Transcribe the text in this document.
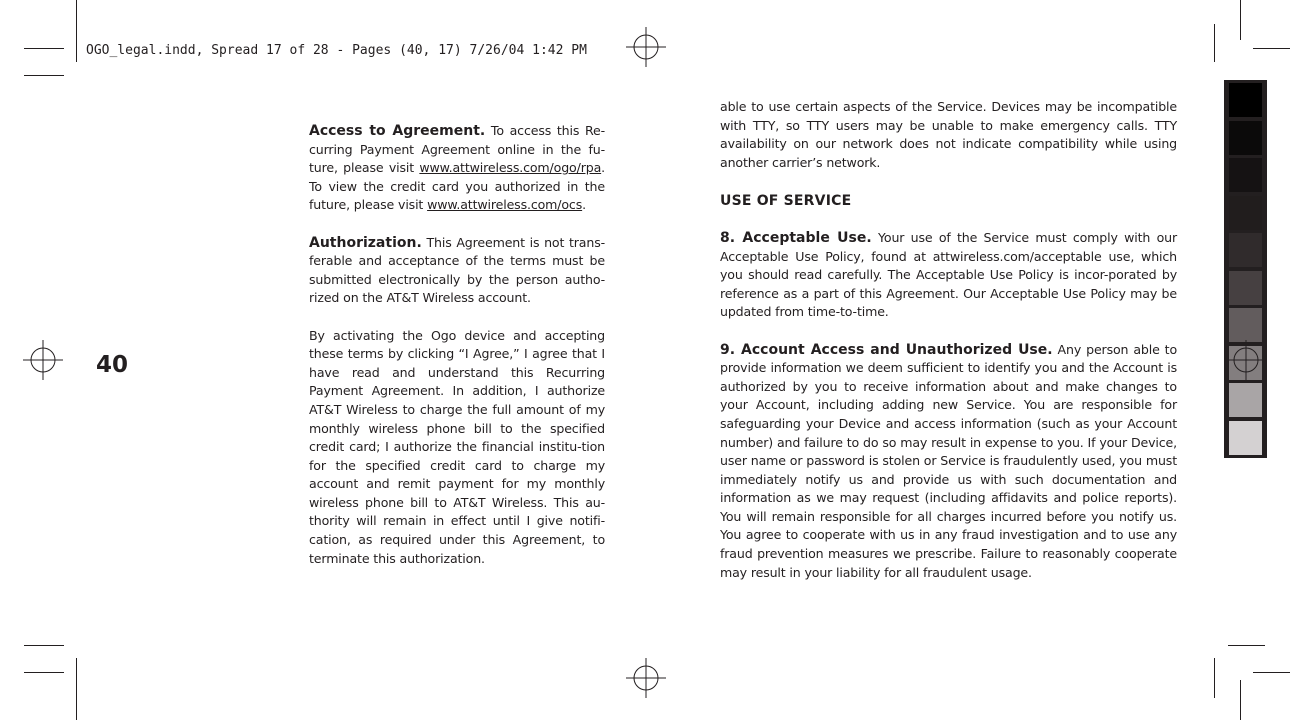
OGO_legal.indd, Spread 17 of 28 - Pages (40, 17) 7/26/04 1:42 PM
40

Access to Agreement. To access this Re-curring Payment Agreement online in the fu-ture, please visit www.attwireless.com/ogo/rpa. To view the credit card you authorized in the future, please visit www.attwireless.com/ocs.

Authorization. This Agreement is not trans-ferable and acceptance of the terms must be submitted electronically by the person autho-rized on the AT&T Wireless account.

By activating the Ogo device and accepting these terms by clicking “I Agree,” I agree that I have read and understand this Recurring Payment Agreement. In addition, I authorize AT&T Wireless to charge the full amount of my monthly wireless phone bill to the specified credit card; I authorize the financial institu-tion for the specified credit card to charge my account and remit payment for my monthly wireless phone bill to AT&T Wireless. This au-thority will remain in effect until I give notifi-cation, as required under this Agreement, to terminate this authorization.

able to use certain aspects of the Service. Devices may be incompatible with TTY, so TTY users may be unable to make emergency calls. TTY availability on our network does not indicate compatibility while using another carrier’s network.

USE OF SERVICE

8. Acceptable Use. Your use of the Service must comply with our Acceptable Use Policy, found at attwireless.com/acceptable use, which you should read carefully. The Acceptable Use Policy is incor-porated by reference as a part of this Agreement. Our Acceptable Use Policy may be updated from time-to-time.

9. Account Access and Unauthorized Use. Any person able to provide information we deem sufficient to identify you and the Account is authorized by you to receive information about and make changes to your Account, including adding new Service. You are responsible for safeguarding your Device and access information (such as your Account number) and failure to do so may result in expense to you. If your Device, user name or password is stolen or Service is fraudulently used, you must immediately notify us and provide us with such documentation and information as we may request (including affidavits and police reports). You will remain responsible for all charges incurred before you notify us. You agree to cooperate with us in any fraud investigation and to use any fraud prevention measures we prescribe. Failure to reasonably cooperate may result in your liability for all fraudulent usage.
